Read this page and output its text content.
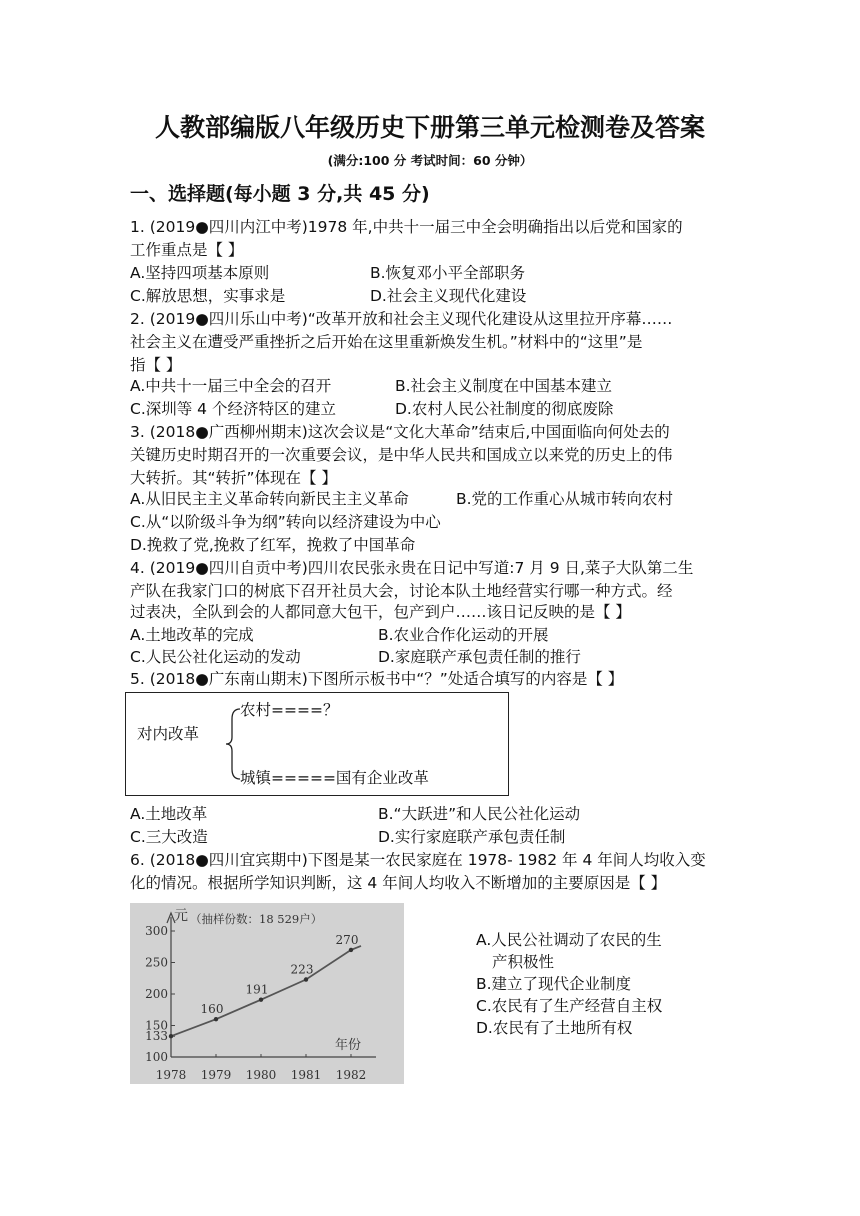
人教部编版八年级历史下册第三单元检测卷及答案
(满分:100 分 考试时间：60 分钟）
一、选择题(每小题 3 分,共 45 分)
1. (2019●四川内江中考)1978 年,中共十一届三中全会明确指出以后党和国家的
工作重点是【 】
A.坚持四项基本原则	B.恢复邓小平全部职务
C.解放思想，实事求是	D.社会主义现代化建设
2. (2019●四川乐山中考)“改革开放和社会主义现代化建设从这里拉开序幕……
社会主义在遭受严重挫折之后开始在这里重新焕发生机。”材料中的“这里”是
指【 】
A.中共十一届三中全会的召开	B.社会主义制度在中国基本建立
C.深圳等 4 个经济特区的建立	D.农村人民公社制度的彻底废除
3. (2018●广西柳州期末)这次会议是“文化大革命”结束后,中国面临向何处去的
关键历史时期召开的一次重要会议，是中华人民共和国成立以来党的历史上的伟
大转折。其“转折”体现在【 】
A.从旧民主主义革命转向新民主主义革命	B.党的工作重心从城市转向农村
C.从“以阶级斗争为纲”转向以经济建设为中心
D.挽救了党,挽救了红军，挽救了中国革命
4. (2019●四川自贡中考)四川农民张永贵在日记中写道:7 月 9 日,菜子大队第二生
产队在我家门口的树底下召开社员大会，讨论本队土地经营实行哪一种方式。经
过表决，全队到会的人都同意大包干，包产到户……该日记反映的是【 】
A.土地改革的完成	B.农业合作化运动的开展
C.人民公社化运动的发动	D.家庭联产承包责任制的推行
5. (2018●广东南山期末)下图所示板书中“？”处适合填写的内容是【 】
对内改革
农村====？
城镇=====国有企业改革
A.土地改革	B.“大跃进”和人民公社化运动
C.三大改造	D.实行家庭联产承包责任制
6. (2018●四川宜宾期中)下图是某一农民家庭在 1978- 1982 年 4 年间人均收入变
化的情况。根据所学知识判断，这 4 年间人均收入不断增加的主要原因是【 】
元 （抽样份数：18 529户）
年份
300
250
200
150
133
100
1978 1979 1980 1981 1982
160
191
223
270	A.人民公社调动了农民的生
产积极性
B.建立了现代企业制度
C.农民有了生产经营自主权
D.农民有了土地所有权
